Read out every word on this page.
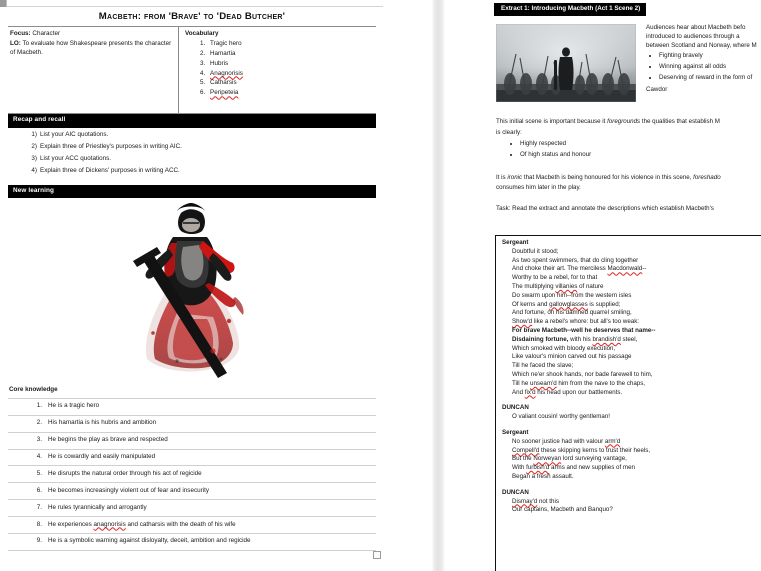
Macbeth: from 'Brave' to 'Dead Butcher'

Focus: Character

LO: To evaluate how Shakespeare presents the character of Macbeth.

Vocabulary

1. Tragic hero
2. Hamartia
3. Hubris
4. Anagnorisis
5. Catharsis
6. Peripeteia
Recap and recall
List your AIC quotations.
Explain three of Priestley's purposes in writing AIC.
List your ACC quotations.
Explain three of Dickens' purposes in writing ACC.
New learning
Core knowledge
He is a tragic hero
His hamartia is his hubris and ambition
He begins the play as brave and respected
He is cowardly and easily manipulated
He disrupts the natural order through his act of regicide
He becomes increasingly violent out of fear and insecurity
He rules tyrannically and arrogantly
He experiences anagnorisis and catharsis with the death of his wife
He is a symbolic warning against disloyalty, deceit, ambition and regicide
Extract 1: Introducing Macbeth (Act 1 Scene 2)

Audiences hear about Macbeth befo

introduced to audiences through a

between Scotland and Norway, where M

• Fighting bravely
• Winning against all odds
• Deserving of reward in the form of

Cawdor

This initial scene is important because it foregrounds the qualities that establish M

is clearly:

• Highly respected
• Of high status and honour

It is ironic that Macbeth is being honoured for his violence in this scene, foreshado

consumes him later in the play.

Task: Read the extract and annotate the descriptions which establish Macbeth's

Sergeant
Doubtful it stood;
As two spent swimmers, that do cling together
And choke their art. The merciless Macdonwald--
Worthy to be a rebel, for to that
The multiplying villanies of nature
Do swarm upon him--from the western isles
Of kerns and gallowglasses is supplied;
And fortune, on his damned quarrel smiling,
Show'd like a rebel's whore: but all's too weak:
For brave Macbeth--well he deserves that name--
Disdaining fortune, with his brandish'd steel,
Which smoked with bloody execution,
Like valour's minion carved out his passage
Till he faced the slave;
Which ne'er shook hands, nor bade farewell to him,
Till he unseam'd him from the nave to the chaps,
And fix'd his head upon our battlements.
DUNCAN
O valiant cousin! worthy gentleman!
Sergeant
No sooner justice had with valour arm'd
Compell'd these skipping kerns to trust their heels,
But the Norweyan lord surveying vantage,
With furbish'd arms and new supplies of men
Began a fresh assault.
DUNCAN
Dismay'd not this
Our captains, Macbeth and Banquo?
